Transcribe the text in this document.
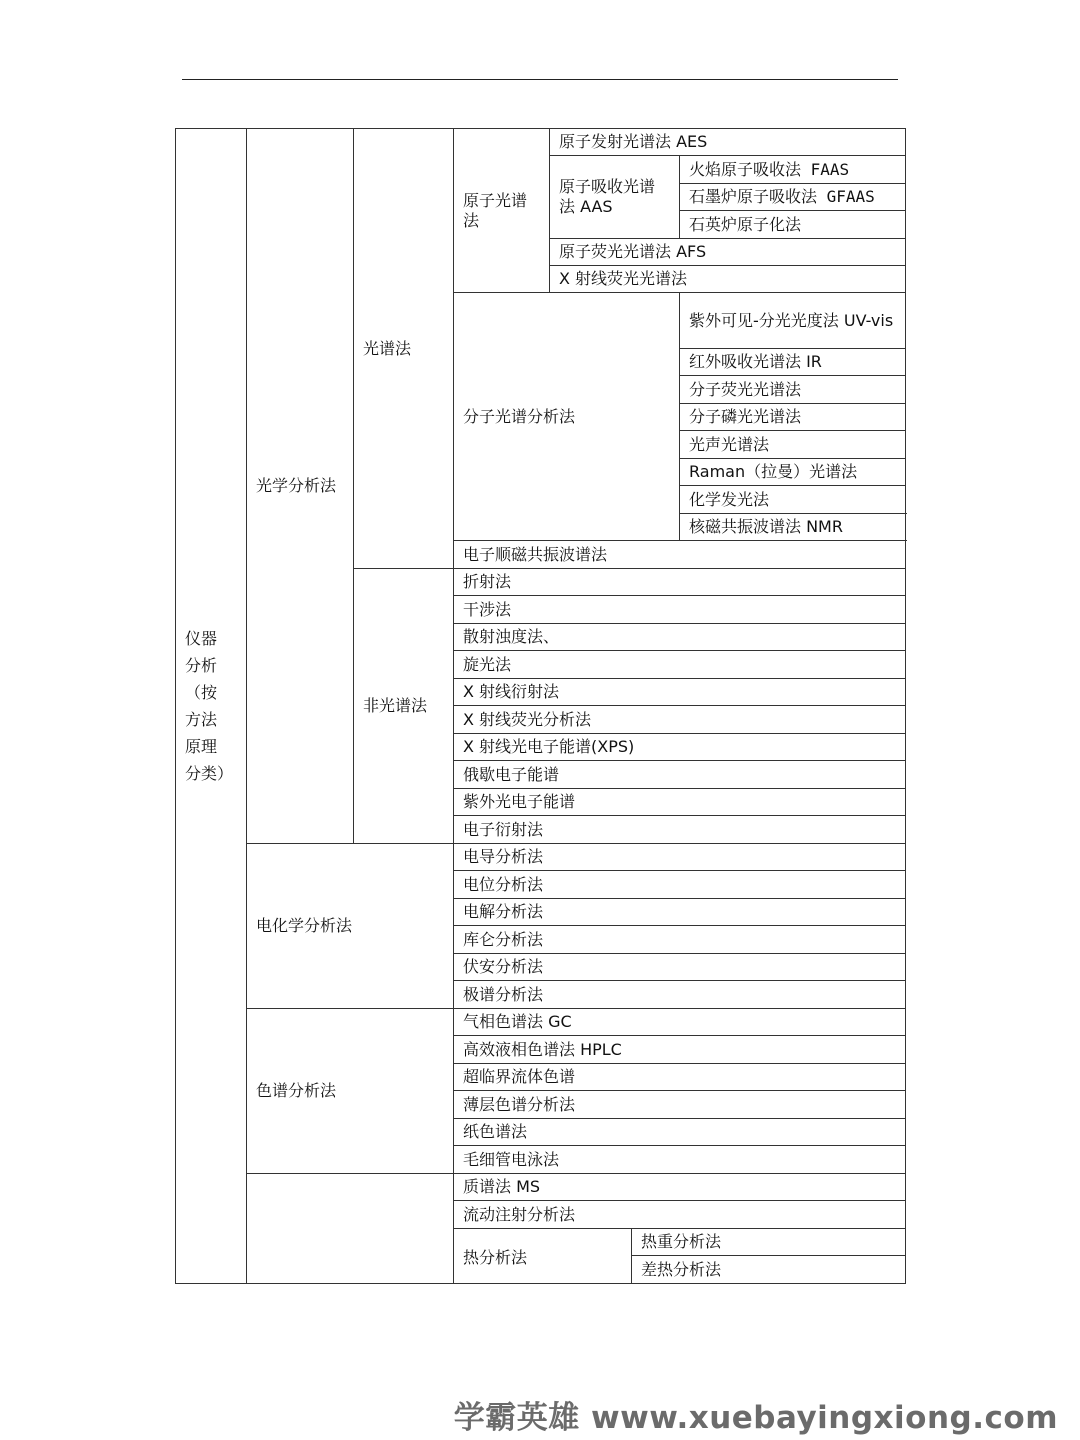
仪器分析（按方法原理分类）	光学分析法	光谱法	原子光谱法	原子发射光谱法 AES		
				原子吸收光谱法 AAS		火焰原子吸收法 FAAS
						石墨炉原子吸收法 GFAAS
						石英炉原子化法
				原子荧光光谱法 AFS		
				X 射线荧光光谱法		
			分子光谱分析法			紫外可见-分光光度法 UV-vis
						红外吸收光谱法 IR
						分子荧光光谱法
						分子磷光光谱法
						光声光谱法
						Raman（拉曼）光谱法
						化学发光法
						核磁共振波谱法 NMR
			电子顺磁共振波谱法			

		非光谱法	折射法			
			干涉法			
			散射浊度法、			
			旋光法			
			X 射线衍射法			
			X 射线荧光分析法			
			X 射线光电子能谱(XPS)			
			俄歇电子能谱			
			紫外光电子能谱			
			电子衍射法			
	电化学分析法		电导分析法			
			电位分析法			
			电解分析法			
			库仑分析法			
			伏安分析法			
			极谱分析法			
	色谱分析法		气相色谱法 GC			
			高效液相色谱法 HPLC			
			超临界流体色谱			
			薄层色谱分析法			
			纸色谱法			
			毛细管电泳法			
			质谱法 MS			
			流动注射分析法			
			热分析法		热重分析法	
					差热分析法	
学霸英雄 www.xuebayingxiong.com
